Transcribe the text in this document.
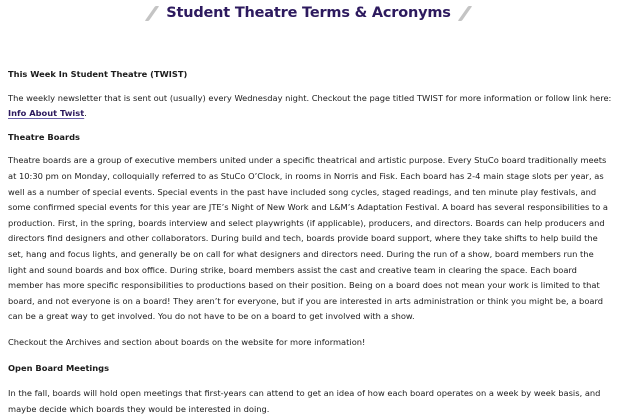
Student Theatre Terms & Acronyms
This Week In Student Theatre (TWIST)

The weekly newsletter that is sent out (usually) every Wednesday night. Checkout the page titled TWIST for more information or follow link here: Info About Twist.

Theatre Boards

Theatre boards are a group of executive members united under a specific theatrical and artistic purpose. Every StuCo board traditionally meets at 10:30 pm on Monday, colloquially referred to as StuCo O’Clock, in rooms in Norris and Fisk. Each board has 2-4 main stage slots per year, as well as a number of special events. Special events in the past have included song cycles, staged readings, and ten minute play festivals, and some confirmed special events for this year are JTE’s Night of New Work and L&M’s Adaptation Festival. A board has several responsibilities to a production. First, in the spring, boards interview and select playwrights (if applicable), producers, and directors. Boards can help producers and directors find designers and other collaborators. During build and tech, boards provide board support, where they take shifts to help build the set, hang and focus lights, and generally be on call for what designers and directors need. During the run of a show, board members run the light and sound boards and box office. During strike, board members assist the cast and creative team in clearing the space. Each board member has more specific responsibilities to productions based on their position. Being on a board does not mean your work is limited to that board, and not everyone is on a board! They aren’t for everyone, but if you are interested in arts administration or think you might be, a board can be a great way to get involved. You do not have to be on a board to get involved with a show.

Checkout the Archives and section about boards on the website for more information!

Open Board Meetings

In the fall, boards will hold open meetings that first-years can attend to get an idea of how each board operates on a week by week basis, and maybe decide which boards they would be interested in doing.
